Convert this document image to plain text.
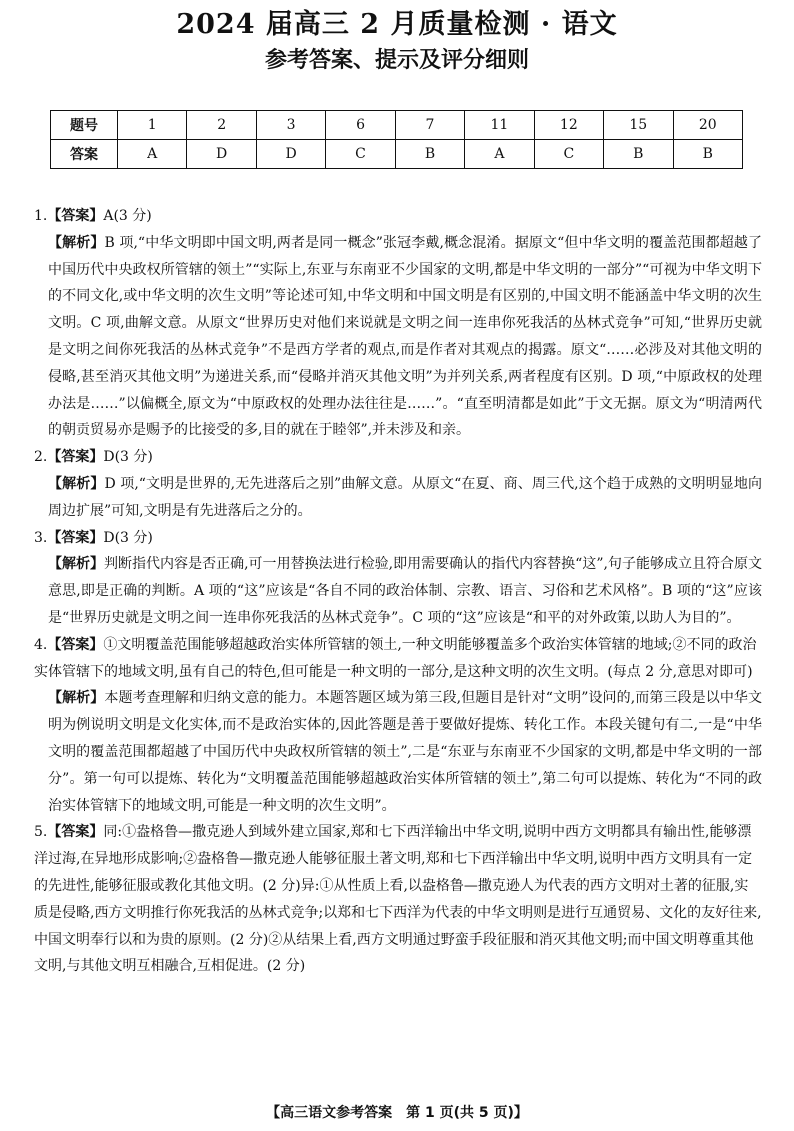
2024 届高三 2 月质量检测 · 语文
参考答案、提示及评分细则
题号	1	2	3	6	7	11	12	15	20
答案	A	D	D	C	B	A	C	B	B

1.【答案】A(3 分)

【解析】B 项,“中华文明即中国文明,两者是同一概念”张冠李戴,概念混淆。据原文“但中华文明的覆盖范围都超越了中国历代中央政权所管辖的领土”“实际上,东亚与东南亚不少国家的文明,都是中华文明的一部分”“可视为中华文明下的不同文化,或中华文明的次生文明”等论述可知,中华文明和中国文明是有区别的,中国文明不能涵盖中华文明的次生文明。C 项,曲解文意。从原文“世界历史对他们来说就是文明之间一连串你死我活的丛林式竞争”可知,“世界历史就是文明之间你死我活的丛林式竞争”不是西方学者的观点,而是作者对其观点的揭露。原文“……必涉及对其他文明的侵略,甚至消灭其他文明”为递进关系,而“侵略并消灭其他文明”为并列关系,两者程度有区别。D 项,“中原政权的处理办法是……”以偏概全,原文为“中原政权的处理办法往往是……”。“直至明清都是如此”于文无据。原文为“明清两代的朝贡贸易亦是赐予的比接受的多,目的就在于睦邻”,并未涉及和亲。

2.【答案】D(3 分)

【解析】D 项,“文明是世界的,无先进落后之别”曲解文意。从原文“在夏、商、周三代,这个趋于成熟的文明明显地向周边扩展”可知,文明是有先进落后之分的。

3.【答案】D(3 分)

【解析】判断指代内容是否正确,可一用替换法进行检验,即用需要确认的指代内容替换“这”,句子能够成立且符合原文意思,即是正确的判断。A 项的“这”应该是“各自不同的政治体制、宗教、语言、习俗和艺术风格”。B 项的“这”应该是“世界历史就是文明之间一连串你死我活的丛林式竞争”。C 项的“这”应该是“和平的对外政策,以助人为目的”。

4.【答案】①文明覆盖范围能够超越政治实体所管辖的领土,一种文明能够覆盖多个政治实体管辖的地域;②不同的政治实体管辖下的地域文明,虽有自己的特色,但可能是一种文明的一部分,是这种文明的次生文明。(每点 2 分,意思对即可)

【解析】本题考查理解和归纳文意的能力。本题答题区域为第三段,但题目是针对“文明”设问的,而第三段是以中华文明为例说明文明是文化实体,而不是政治实体的,因此答题是善于要做好提炼、转化工作。本段关键句有二,一是“中华文明的覆盖范围都超越了中国历代中央政权所管辖的领土”,二是“东亚与东南亚不少国家的文明,都是中华文明的一部分”。第一句可以提炼、转化为“文明覆盖范围能够超越政治实体所管辖的领土”,第二句可以提炼、转化为“不同的政治实体管辖下的地域文明,可能是一种文明的次生文明”。

5.【答案】同:①盎格鲁—撒克逊人到域外建立国家,郑和七下西洋输出中华文明,说明中西方文明都具有输出性,能够漂洋过海,在异地形成影响;②盎格鲁—撒克逊人能够征服土著文明,郑和七下西洋输出中华文明,说明中西方文明具有一定的先进性,能够征服或教化其他文明。(2 分)异:①从性质上看,以盎格鲁—撒克逊人为代表的西方文明对土著的征服,实质是侵略,西方文明推行你死我活的丛林式竞争;以郑和七下西洋为代表的中华文明则是进行互通贸易、文化的友好往来,中国文明奉行以和为贵的原则。(2 分)②从结果上看,西方文明通过野蛮手段征服和消灭其他文明;而中国文明尊重其他文明,与其他文明互相融合,互相促进。(2 分)

【高三语文参考答案　第 1 页(共 5 页)】
